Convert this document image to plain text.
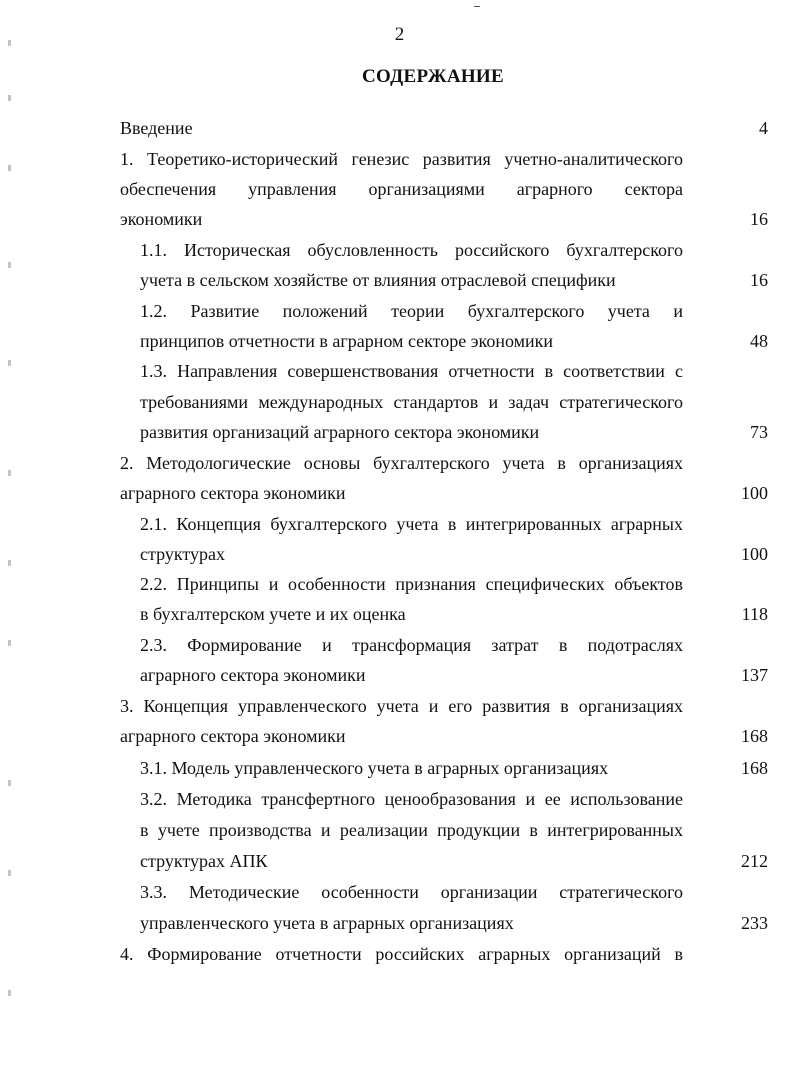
2
СОДЕРЖАНИЕ
Введение	4
1. Теоретико-исторический генезис развития учетно-аналитического
обеспечения управления организациями аграрного сектора
экономики	16
1.1. Историческая обусловленность российского бухгалтерского
учета в сельском хозяйстве от влияния отраслевой специфики	16
1.2. Развитие положений теории бухгалтерского учета и
принципов отчетности в аграрном секторе экономики	48
1.3. Направления совершенствования отчетности в соответствии с
требованиями международных стандартов и задач стратегического
развития организаций аграрного сектора экономики	73
2. Методологические основы бухгалтерского учета в организациях
аграрного сектора экономики	100
2.1. Концепция бухгалтерского учета в интегрированных аграрных
структурах	100
2.2. Принципы и особенности признания специфических объектов
в бухгалтерском учете и их оценка	118
2.3. Формирование и трансформация затрат в подотраслях
аграрного сектора экономики	137
3. Концепция управленческого учета и его развития в организациях
аграрного сектора экономики	168
3.1. Модель управленческого учета в аграрных организациях	168
3.2. Методика трансфертного ценообразования и ее использование
в учете производства и реализации продукции в интегрированных
структурах АПК	212
3.3. Методические особенности организации стратегического
управленческого учета в аграрных организациях	233
4. Формирование отчетности российских аграрных организаций в
